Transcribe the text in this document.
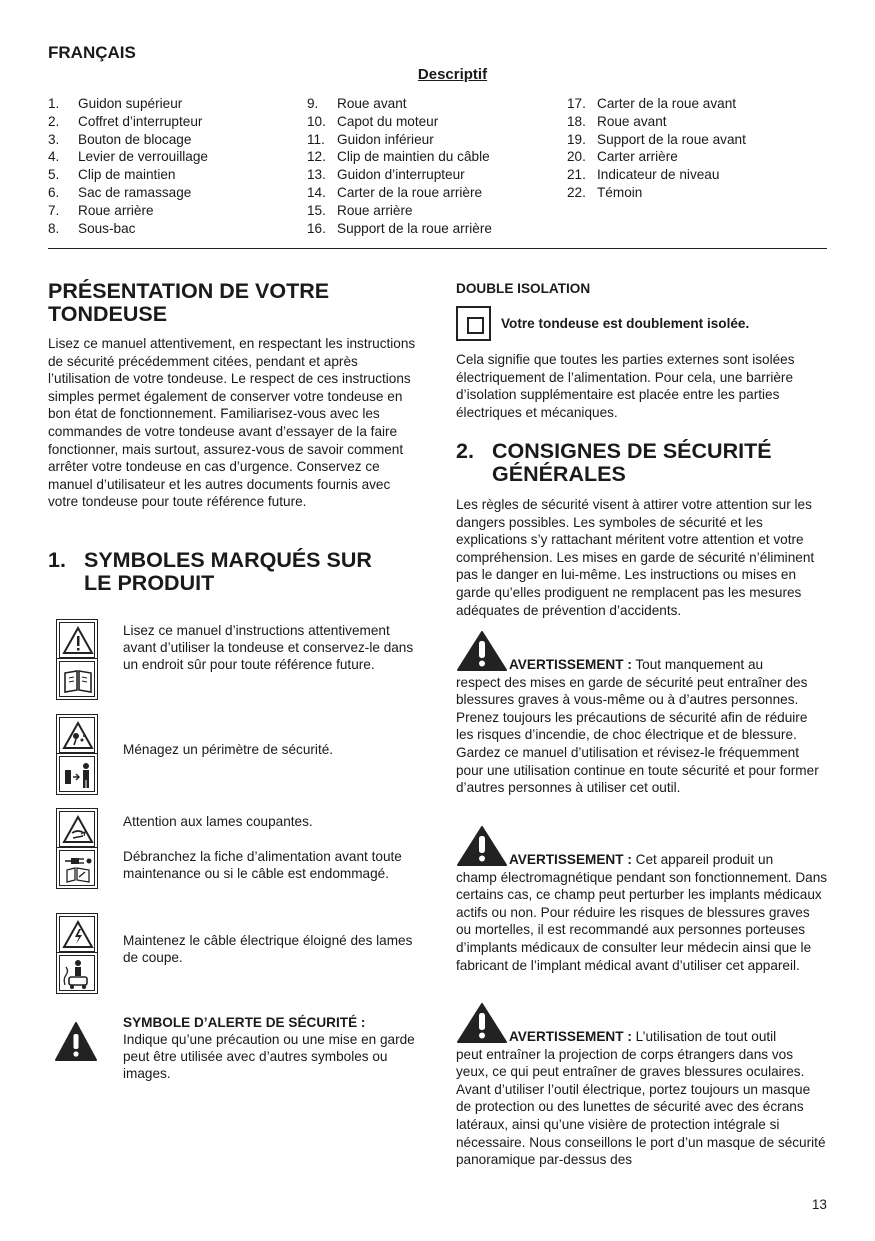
FRANÇAIS
Descriptif
1.	Guidon supérieur
2.	Coffret d’interrupteur
3.	Bouton de blocage
4.	Levier de verrouillage
5.	Clip de maintien
6.	Sac de ramassage
7.	Roue arrière
8.	Sous-bac
9.	Roue avant
10. Capot du moteur
11. Guidon inférieur
12. Clip de maintien du câble
13. Guidon d’interrupteur
14. Carter de la roue arrière
15. Roue arrière
16. Support de la roue arrière
17. Carter de la roue avant
18. Roue avant
19. Support de la roue avant
20. Carter arrière
21. Indicateur de niveau
22. Témoin
PRÉSENTATION DE VOTRE
TONDEUSE
Lisez ce manuel attentivement, en respectant les instructions de sécurité précédemment citées, pendant et après l’utilisation de votre tondeuse. Le respect de ces instructions simples permet également de conserver votre tondeuse en bon état de fonctionnement. Familiarisez-vous avec les commandes de votre tondeuse avant d’essayer de la faire fonctionner, mais surtout, assurez-vous de savoir comment arrêter votre tondeuse en cas d’urgence. Conservez ce manuel d’utilisateur et les autres documents fournis avec votre tondeuse pour toute référence future.
1. SYMBOLES MARQUÉS SUR
LE PRODUIT
Lisez ce manuel d’instructions attentivement avant d’utiliser la tondeuse et conservez-le dans un endroit sûr pour toute référence future.
Ménagez un périmètre de sécurité.
Attention aux lames coupantes.
Débranchez la fiche d’alimentation avant toute maintenance ou si le câble est endommagé.
Maintenez le câble électrique éloigné des lames de coupe.
SYMBOLE D’ALERTE DE SÉCURITÉ :
Indique qu’une précaution ou une mise en garde peut être utilisée avec d’autres symboles ou images.
DOUBLE ISOLATION
Votre tondeuse est doublement isolée.
Cela signifie que toutes les parties externes sont isolées électriquement de l’alimentation. Pour cela, une barrière d’isolation supplémentaire est placée entre les parties électriques et mécaniques.
2. CONSIGNES DE SÉCURITÉ
GÉNÉRALES
Les règles de sécurité visent à attirer votre attention sur les dangers possibles. Les symboles de sécurité et les explications s’y rattachant méritent votre attention et votre compréhension. Les mises en garde de sécurité n’éliminent pas le danger en lui-même. Les instructions ou mises en garde qu’elles prodiguent ne remplacent pas les mesures adéquates de prévention d’accidents.
AVERTISSEMENT : Tout manquement au
respect des mises en garde de sécurité peut entraîner des blessures graves à vous-même ou à d’autres personnes. Prenez toujours les précautions de sécurité afin de réduire les risques d’incendie, de choc électrique et de blessure. Gardez ce manuel d’utilisation et révisez-le fréquemment pour une utilisation continue en toute sécurité et pour former d’autres personnes à utiliser cet outil.
AVERTISSEMENT : Cet appareil produit un
champ électromagnétique pendant son fonctionnement. Dans certains cas, ce champ peut perturber les implants médicaux actifs ou non. Pour réduire les risques de blessures graves ou mortelles, il est recommandé aux personnes porteuses d’implants médicaux de consulter leur médecin ainsi que le fabricant de l’implant médical avant d’utiliser cet appareil.
AVERTISSEMENT : L’utilisation de tout outil
peut entraîner la projection de corps étrangers dans vos yeux, ce qui peut entraîner de graves blessures oculaires. Avant d’utiliser l’outil électrique, portez toujours un masque de protection ou des lunettes de sécurité avec des écrans latéraux, ainsi qu’une visière de protection intégrale si nécessaire. Nous conseillons le port d’un masque de sécurité panoramique par-dessus des
13
